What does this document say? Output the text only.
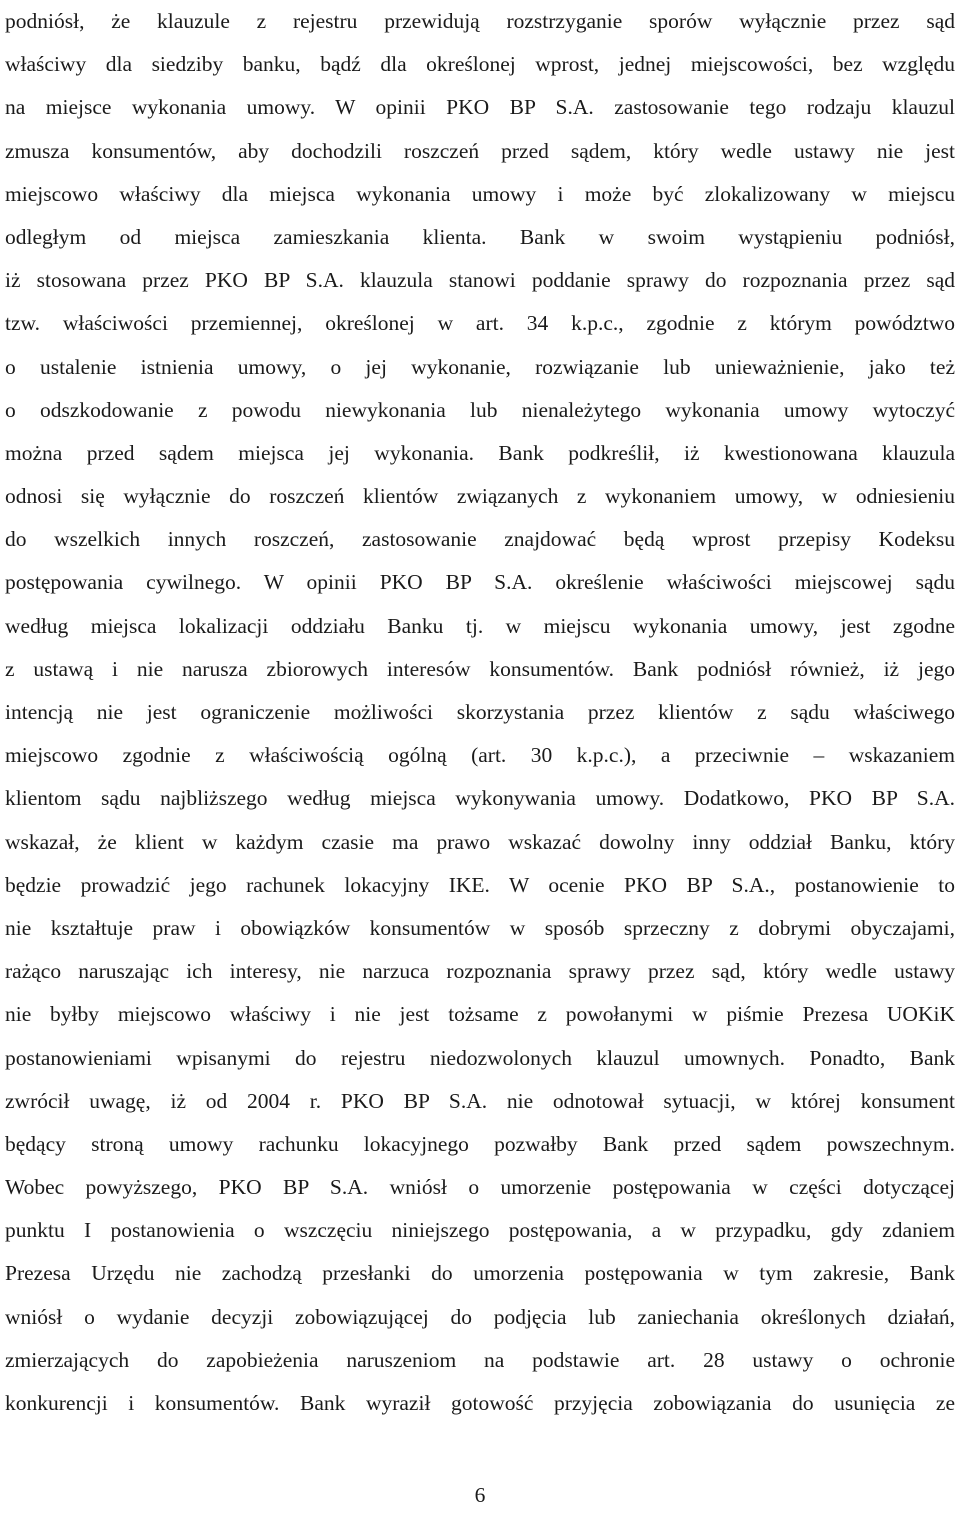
podniósł, że klauzule z rejestru przewidują rozstrzyganie sporów wyłącznie przez sąd
właściwy dla siedziby banku, bądź dla określonej wprost, jednej miejscowości, bez względu
na miejsce wykonania umowy. W opinii PKO BP S.A. zastosowanie tego rodzaju klauzul
zmusza konsumentów, aby dochodzili roszczeń przed sądem, który wedle ustawy nie jest
miejscowo właściwy dla miejsca wykonania umowy i może być zlokalizowany w miejscu
odległym od miejsca zamieszkania klienta. Bank w swoim wystąpieniu podniósł,
iż stosowana przez PKO BP S.A. klauzula stanowi poddanie sprawy do rozpoznania przez sąd
tzw. właściwości przemiennej, określonej w art. 34 k.p.c., zgodnie z którym powództwo
o ustalenie istnienia umowy, o jej wykonanie, rozwiązanie lub unieważnienie, jako też
o odszkodowanie z powodu niewykonania lub nienależytego wykonania umowy wytoczyć
można przed sądem miejsca jej wykonania. Bank podkreślił, iż kwestionowana klauzula
odnosi się wyłącznie do roszczeń klientów związanych z wykonaniem umowy, w odniesieniu
do wszelkich innych roszczeń, zastosowanie znajdować będą wprost przepisy Kodeksu
postępowania cywilnego. W opinii PKO BP S.A. określenie właściwości miejscowej sądu
według miejsca lokalizacji oddziału Banku tj. w miejscu wykonania umowy, jest zgodne
z ustawą i nie narusza zbiorowych interesów konsumentów. Bank podniósł również, iż jego
intencją nie jest ograniczenie możliwości skorzystania przez klientów z sądu właściwego
miejscowo zgodnie z właściwością ogólną (art. 30 k.p.c.), a przeciwnie – wskazaniem
klientom sądu najbliższego według miejsca wykonywania umowy. Dodatkowo, PKO BP S.A.
wskazał, że klient w każdym czasie ma prawo wskazać dowolny inny oddział Banku, który
będzie prowadzić jego rachunek lokacyjny IKE. W ocenie PKO BP S.A., postanowienie to
nie kształtuje praw i obowiązków konsumentów w sposób sprzeczny z dobrymi obyczajami,
rażąco naruszając ich interesy, nie narzuca rozpoznania sprawy przez sąd, który wedle ustawy
nie byłby miejscowo właściwy i nie jest tożsame z powołanymi w piśmie Prezesa UOKiK
postanowieniami wpisanymi do rejestru niedozwolonych klauzul umownych. Ponadto, Bank
zwrócił uwagę, iż od 2004 r. PKO BP S.A. nie odnotował sytuacji, w której konsument
będący stroną umowy rachunku lokacyjnego pozwałby Bank przed sądem powszechnym.
Wobec powyższego, PKO BP S.A. wniósł o umorzenie postępowania w części dotyczącej
punktu I postanowienia o wszczęciu niniejszego postępowania, a w przypadku, gdy zdaniem
Prezesa Urzędu nie zachodzą przesłanki do umorzenia postępowania w tym zakresie, Bank
wniósł o wydanie decyzji zobowiązującej do podjęcia lub zaniechania określonych działań,
zmierzających do zapobieżenia naruszeniom na podstawie art. 28 ustawy o ochronie
konkurencji i konsumentów. Bank wyraził gotowość przyjęcia zobowiązania do usunięcia ze
6
